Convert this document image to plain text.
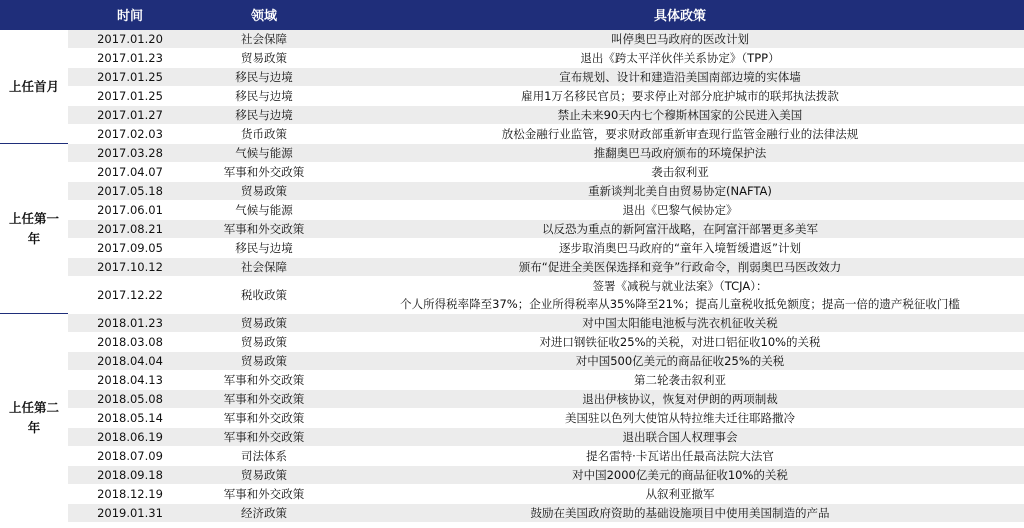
	时间	领域	具体政策
上任首月	2017.01.20	社会保障	叫停奥巴马政府的医改计划
	2017.01.23	贸易政策	退出《跨太平洋伙伴关系协定》（TPP）
	2017.01.25	移民与边境	宣布规划、设计和建造沿美国南部边境的实体墙
	2017.01.25	移民与边境	雇用1万名移民官员；要求停止对部分庇护城市的联邦执法拨款
	2017.01.27	移民与边境	禁止未来90天内七个穆斯林国家的公民进入美国
	2017.02.03	货币政策	放松金融行业监管，要求财政部重新审查现行监管金融行业的法律法规
上任第一年	2017.03.28	气候与能源	推翻奥巴马政府颁布的环境保护法
	2017.04.07	军事和外交政策	袭击叙利亚
	2017.05.18	贸易政策	重新谈判北美自由贸易协定(NAFTA)
	2017.06.01	气候与能源	退出《巴黎气候协定》
	2017.08.21	军事和外交政策	以反恐为重点的新阿富汗战略，在阿富汗部署更多美军
	2017.09.05	移民与边境	逐步取消奥巴马政府的“童年入境暂缓遣返”计划
	2017.10.12	社会保障	颁布“促进全美医保选择和竞争”行政命令，削弱奥巴马医改效力
	2017.12.22	税收政策	签署《减税与就业法案》（TCJA）：
个人所得税率降至37%；企业所得税率从35%降至21%；提高儿童税收抵免额度；提高一倍的遗产税征收门槛

上任第二年	2018.01.23	贸易政策	对中国太阳能电池板与洗衣机征收关税
	2018.03.08	贸易政策	对进口钢铁征收25%的关税，对进口铝征收10%的关税
	2018.04.04	贸易政策	对中国500亿美元的商品征收25%的关税
	2018.04.13	军事和外交政策	第二轮袭击叙利亚
	2018.05.08	军事和外交政策	退出伊核协议，恢复对伊朗的两项制裁
	2018.05.14	军事和外交政策	美国驻以色列大使馆从特拉维夫迁往耶路撒冷
	2018.06.19	军事和外交政策	退出联合国人权理事会
	2018.07.09	司法体系	提名雷特·卡瓦诺出任最高法院大法官
	2018.09.18	贸易政策	对中国2000亿美元的商品征收10%的关税
	2018.12.19	军事和外交政策	从叙利亚撤军
	2019.01.31	经济政策	鼓励在美国政府资助的基础设施项目中使用美国制造的产品
